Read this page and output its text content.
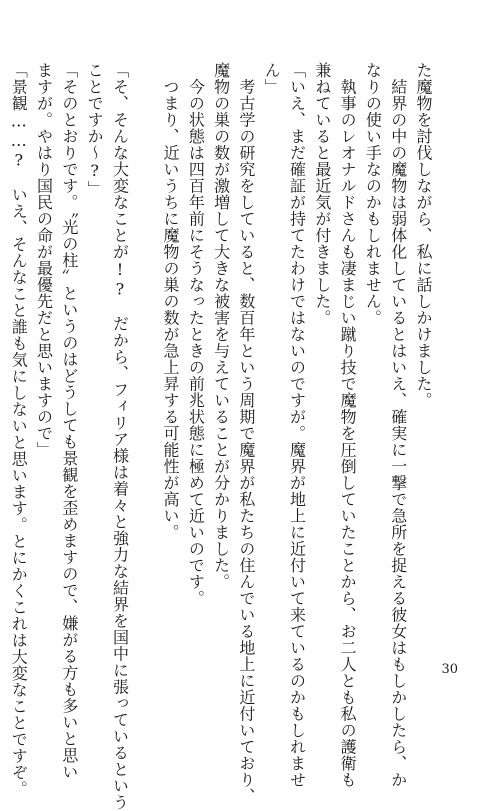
た魔物を討伐しながら、私に話しかけました。

　結界の中の魔物は弱体化しているとはいえ、確実に一撃で急所を捉える彼女はもしかしたら、か

なりの使い手なのかもしれません。

　執事のレオナルドさんも凄まじい蹴り技で魔物を圧倒していたことから、お二人とも私の護衛も

兼ねていると最近気が付きました。

「いえ、まだ確証が持てたわけではないのですが。魔界が地上に近付いて来ているのかもしれませ

ん」

　考古学の研究をしていると、数百年という周期で魔界が私たちの住んでいる地上に近付いており、

魔物の巣の数が激増して大きな被害を与えていることが分かりました。

　今の状態は四百年前にそうなったときの前兆状態に極めて近いのです。

　つまり、近いうちに魔物の巣の数が急上昇する可能性が高い。

「そ、そんな大変なことが!?　だから、フィリア様は着々と強力な結界を国中に張っているという

ことですか～?」

「そのとおりです。〝光の柱〟というのはどうしても景観を歪めますので、嫌がる方も多いと思い

ますが。やはり国民の命が最優先だと思いますので」

「景観……?　いえ、そんなこと誰も気にしないと思います。とにかくこれは大変なことですぞ。	30
